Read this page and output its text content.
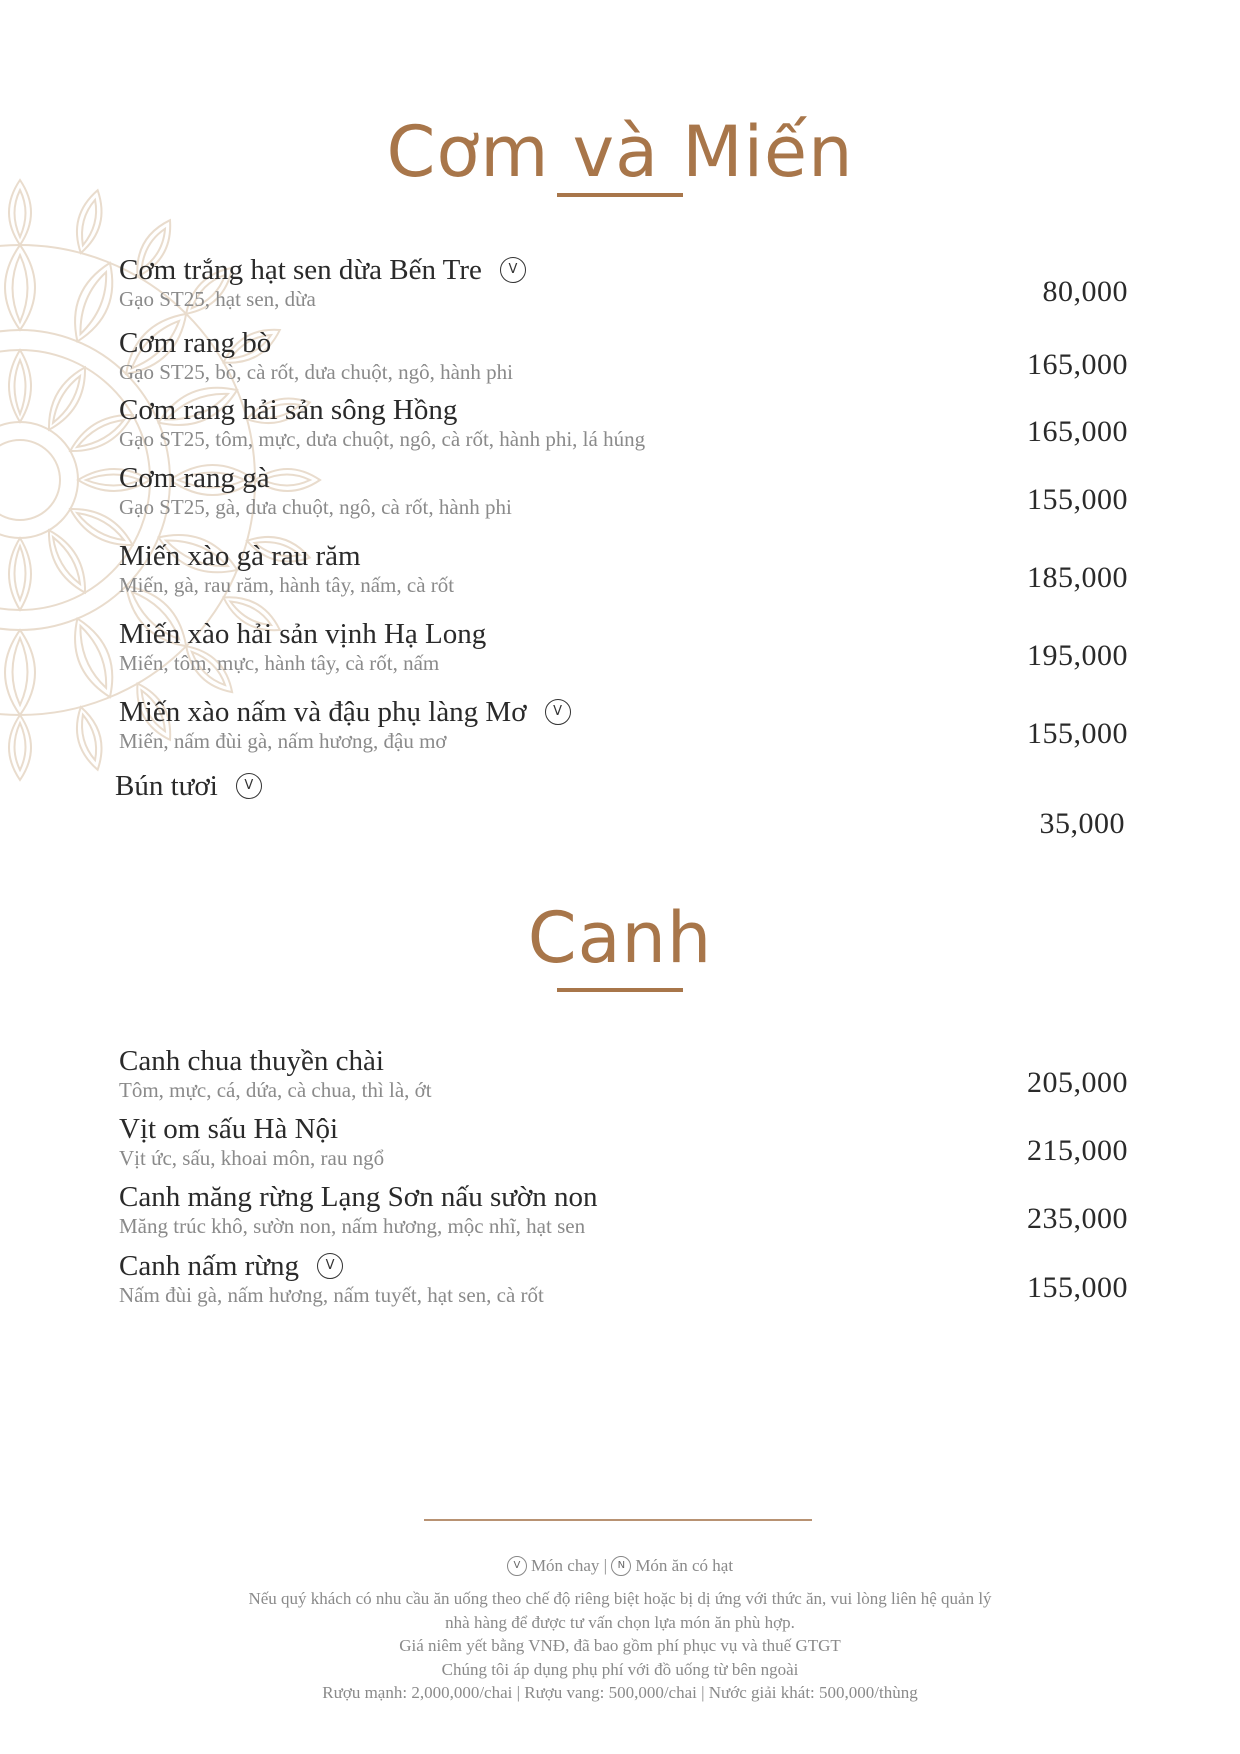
Cơm và Miến
Cơm trắng hạt sen dừa Bến Tre V
Gạo ST25, hạt sen, dừa	80,000
Cơm rang bò
Gạo ST25, bò, cà rốt, dưa chuột, ngô, hành phi	165,000
Cơm rang hải sản sông Hồng
Gạo ST25, tôm, mực, dưa chuột, ngô, cà rốt, hành phi, lá húng	165,000
Cơm rang gà
Gạo ST25, gà, dưa chuột, ngô, cà rốt, hành phi	155,000
Miến xào gà rau răm
Miến, gà, rau răm, hành tây, nấm, cà rốt	185,000
Miến xào hải sản vịnh Hạ Long
Miến, tôm, mực, hành tây, cà rốt, nấm	195,000
Miến xào nấm và đậu phụ làng Mơ V
Miến, nấm đùi gà, nấm hương, đậu mơ	155,000
Bún tươi V
35,000
Canh
Canh chua thuyền chài
Tôm, mực, cá, dứa, cà chua, thì là, ớt	205,000
Vịt om sấu Hà Nội
Vịt ức, sấu, khoai môn, rau ngổ	215,000
Canh măng rừng Lạng Sơn nấu sườn non
Măng trúc khô, sườn non, nấm hương, mộc nhĩ, hạt sen	235,000
Canh nấm rừng V
Nấm đùi gà, nấm hương, nấm tuyết, hạt sen, cà rốt	155,000
V Món chay | N Món ăn có hạt
Nếu quý khách có nhu cầu ăn uống theo chế độ riêng biệt hoặc bị dị ứng với thức ăn, vui lòng liên hệ quản lý
nhà hàng để được tư vấn chọn lựa món ăn phù hợp.
Giá niêm yết bằng VNĐ, đã bao gồm phí phục vụ và thuế GTGT
Chúng tôi áp dụng phụ phí với đồ uống từ bên ngoài
Rượu mạnh: 2,000,000/chai | Rượu vang: 500,000/chai | Nước giải khát: 500,000/thùng
